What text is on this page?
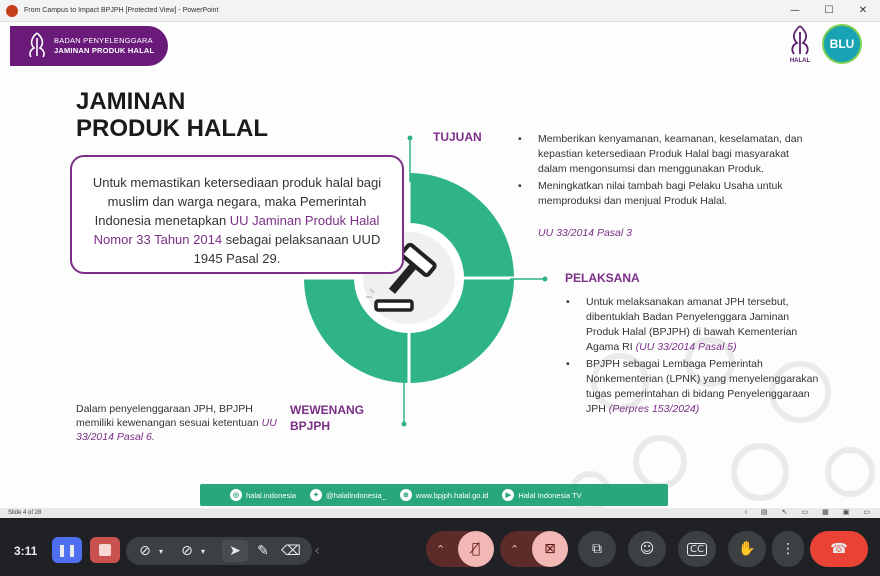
From Campus to Impact BPJPH [Protected View] - PowerPoint	—	☐	✕
BADAN PENYELENGGARA
JAMINAN PRODUK HALAL
HALAL
BLU
JAMINAN
PRODUK HALAL
Untuk memastikan ketersediaan produk halal bagi muslim dan warga negara, maka Pemerintah Indonesia menetapkan UU Jaminan Produk Halal Nomor 33 Tahun 2014 sebagai pelaksanaan UUD 1945 Pasal 29.
TUJUAN
•	Memberikan kenyamanan, keamanan, keselamatan, dan kepastian ketersediaan Produk Halal bagi masyarakat dalam mengonsumsi dan menggunakan Produk.
• Meningkatkan nilai tambah bagi Pelaku Usaha untuk memproduksi dan menjual Produk Halal.
UU 33/2014 Pasal 3
PELAKSANA
• Untuk melaksanakan amanat JPH tersebut, dibentuklah Badan Penyelenggara Jaminan Produk Halal (BPJPH) di bawah Kementerian Agama RI (UU 33/2014 Pasal 5)
• BPJPH sebagai Lembaga Pemerintah Nonkementerian (LPNK) yang menyelenggarakan tugas pemerintahan di bidang Penyelenggaraan JPH (Perpres 153/2024)
WEWENANG
BPJPH
Dalam penyelenggaraan JPH, BPJPH memiliki kewenangan sesuai ketentuan UU 33/2014 Pasal 6.
◎ halal.indonesia	✦ @halalindonesia_	⊕ www.bpjph.halal.go.id	▶ Halal Indonesia TV
Slide 4 of 28	‹ ▤ ↖ ▭ ▦ ▣ ▭
3:11 ❚❚	⊘ ▾ ⊘ ▾ ➤ ✎ ⌫ ‹	⌃ 🎙̸	⌃ ⊠	⧉	☺	CC ✋ ⋮	☎
